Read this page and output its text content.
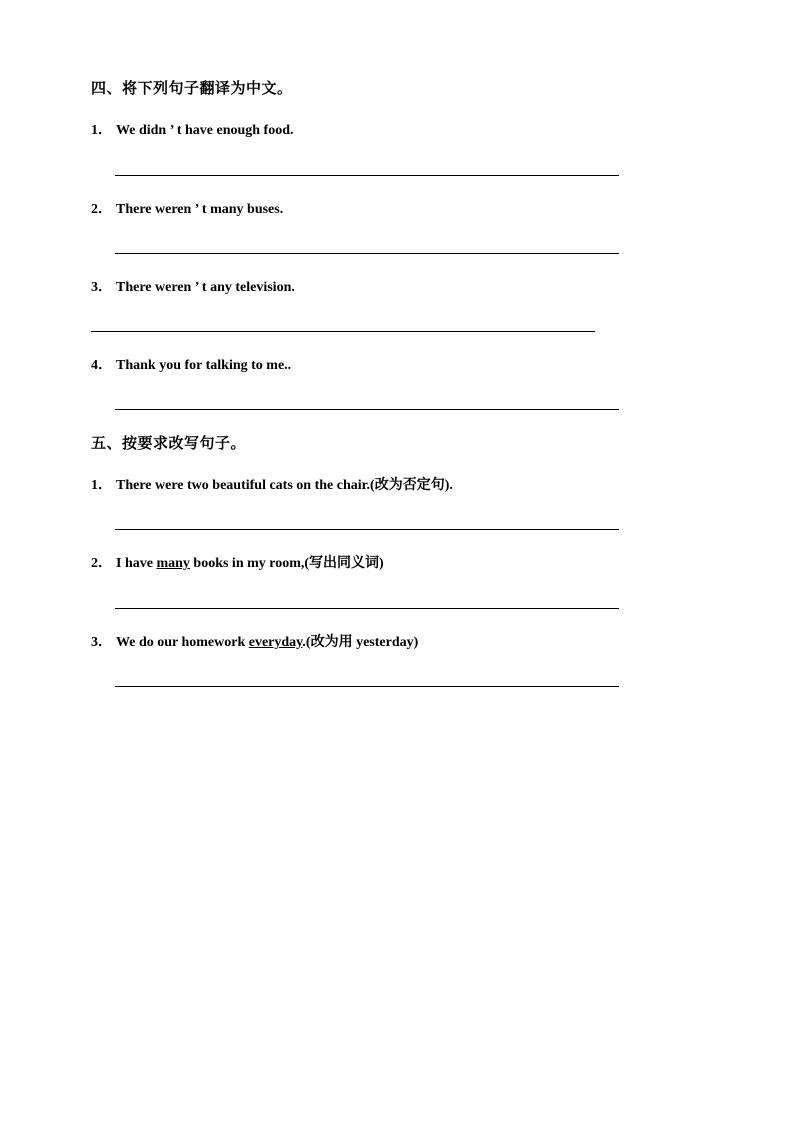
四、将下列句子翻译为中文。
1． We didn ’ t have enough food.
2． There weren ’ t many buses.
3． There weren ’ t any television.
4． Thank you for talking to me..
五、按要求改写句子。
1． There were two beautiful cats on the chair.(改为否定句).
2． I have many books in my room,(写出同义词)
3． We do our homework everyday.(改为用 yesterday)
